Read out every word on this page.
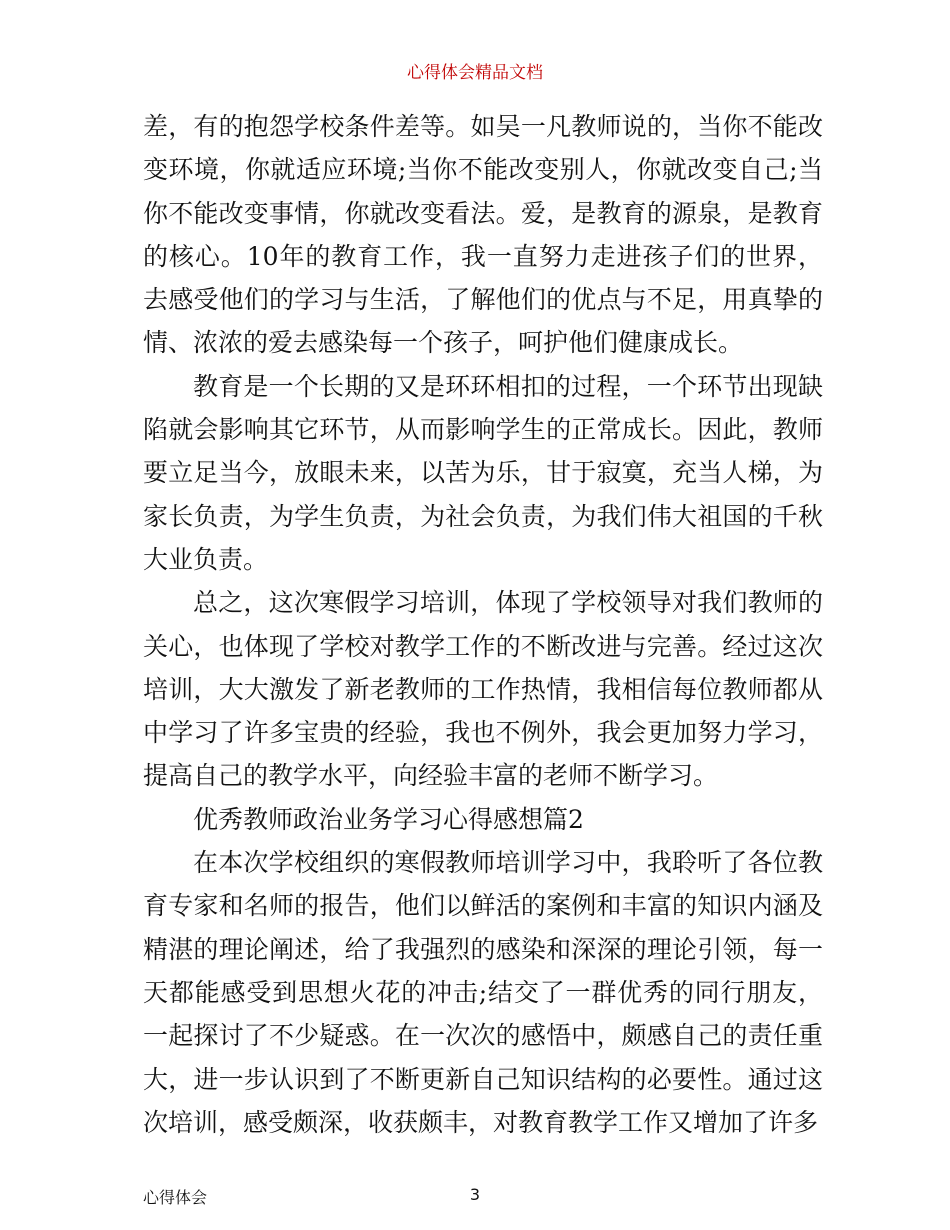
心得体会精品文档

差，有的抱怨学校条件差等。如吴一凡教师说的，当你不能改变环境，你就适应环境;当你不能改变别人，你就改变自己;当你不能改变事情，你就改变看法。爱，是教育的源泉，是教育的核心。10年的教育工作，我一直努力走进孩子们的世界，去感受他们的学习与生活，了解他们的优点与不足，用真挚的情、浓浓的爱去感染每一个孩子，呵护他们健康成长。

教育是一个长期的又是环环相扣的过程，一个环节出现缺陷就会影响其它环节，从而影响学生的正常成长。因此，教师要立足当今，放眼未来，以苦为乐，甘于寂寞，充当人梯，为家长负责，为学生负责，为社会负责，为我们伟大祖国的千秋大业负责。

总之，这次寒假学习培训，体现了学校领导对我们教师的关心，也体现了学校对教学工作的不断改进与完善。经过这次培训，大大激发了新老教师的工作热情，我相信每位教师都从中学习了许多宝贵的经验，我也不例外，我会更加努力学习，提高自己的教学水平，向经验丰富的老师不断学习。

优秀教师政治业务学习心得感想篇2

在本次学校组织的寒假教师培训学习中，我聆听了各位教育专家和名师的报告，他们以鲜活的案例和丰富的知识内涵及精湛的理论阐述，给了我强烈的感染和深深的理论引领，每一天都能感受到思想火花的冲击;结交了一群优秀的同行朋友，一起探讨了不少疑惑。在一次次的感悟中，颇感自己的责任重大，进一步认识到了不断更新自己知识结构的必要性。通过这次培训，感受颇深，收获颇丰，对教育教学工作又增加了许多

心得体会	3
